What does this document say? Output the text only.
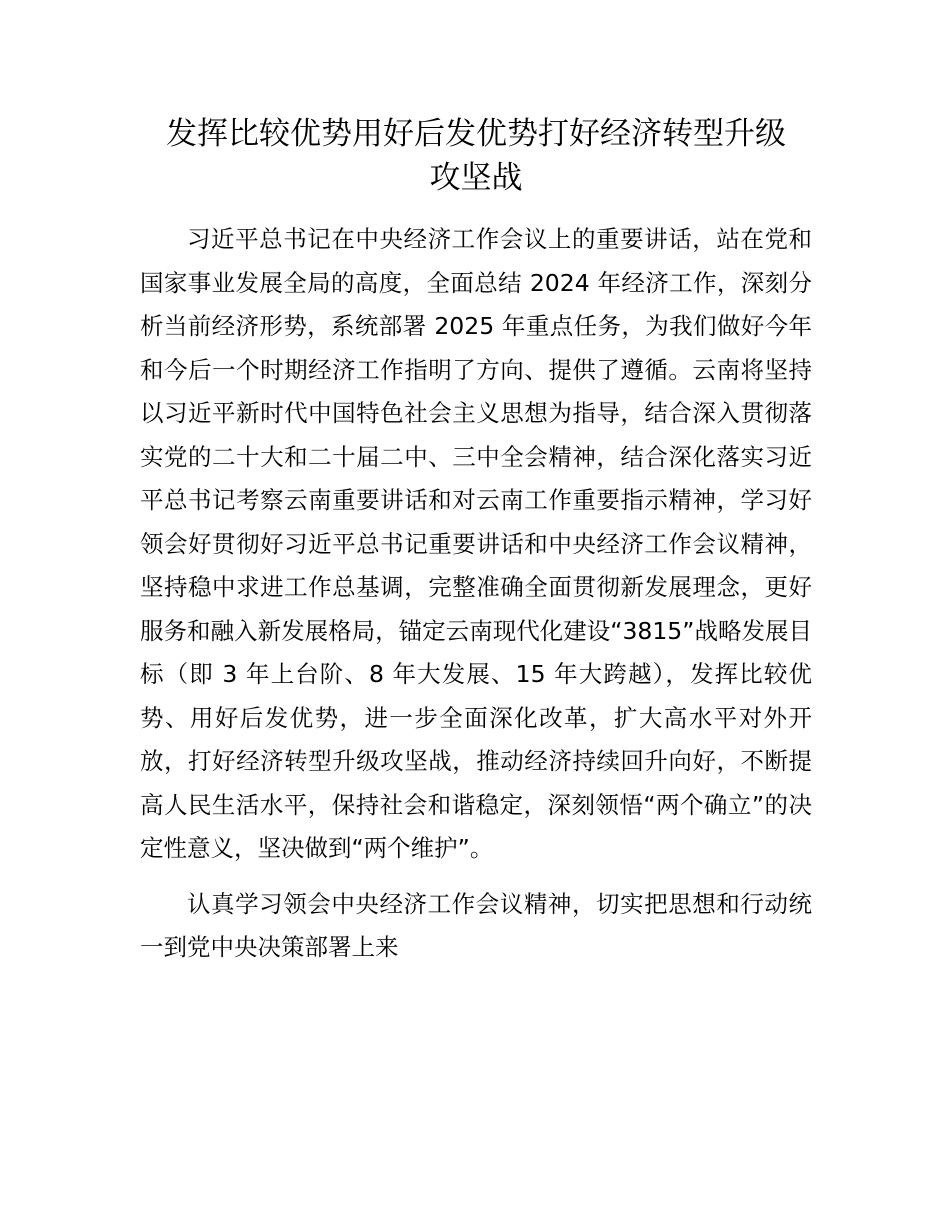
发挥比较优势用好后发优势打好经济转型升级
攻坚战

习近平总书记在中央经济工作会议上的重要讲话，站在党和国家事业发展全局的高度，全面总结 2024 年经济工作，深刻分析当前经济形势，系统部署 2025 年重点任务，为我们做好今年和今后一个时期经济工作指明了方向、提供了遵循。云南将坚持以习近平新时代中国特色社会主义思想为指导，结合深入贯彻落实党的二十大和二十届二中、三中全会精神，结合深化落实习近平总书记考察云南重要讲话和对云南工作重要指示精神，学习好领会好贯彻好习近平总书记重要讲话和中央经济工作会议精神，坚持稳中求进工作总基调，完整准确全面贯彻新发展理念，更好服务和融入新发展格局，锚定云南现代化建设“3815”战略发展目标（即 3 年上台阶、8 年大发展、15 年大跨越），发挥比较优势、用好后发优势，进一步全面深化改革，扩大高水平对外开放，打好经济转型升级攻坚战，推动经济持续回升向好，不断提高人民生活水平，保持社会和谐稳定，深刻领悟“两个确立”的决定性意义，坚决做到“两个维护”。

认真学习领会中央经济工作会议精神，切实把思想和行动统一到党中央决策部署上来
